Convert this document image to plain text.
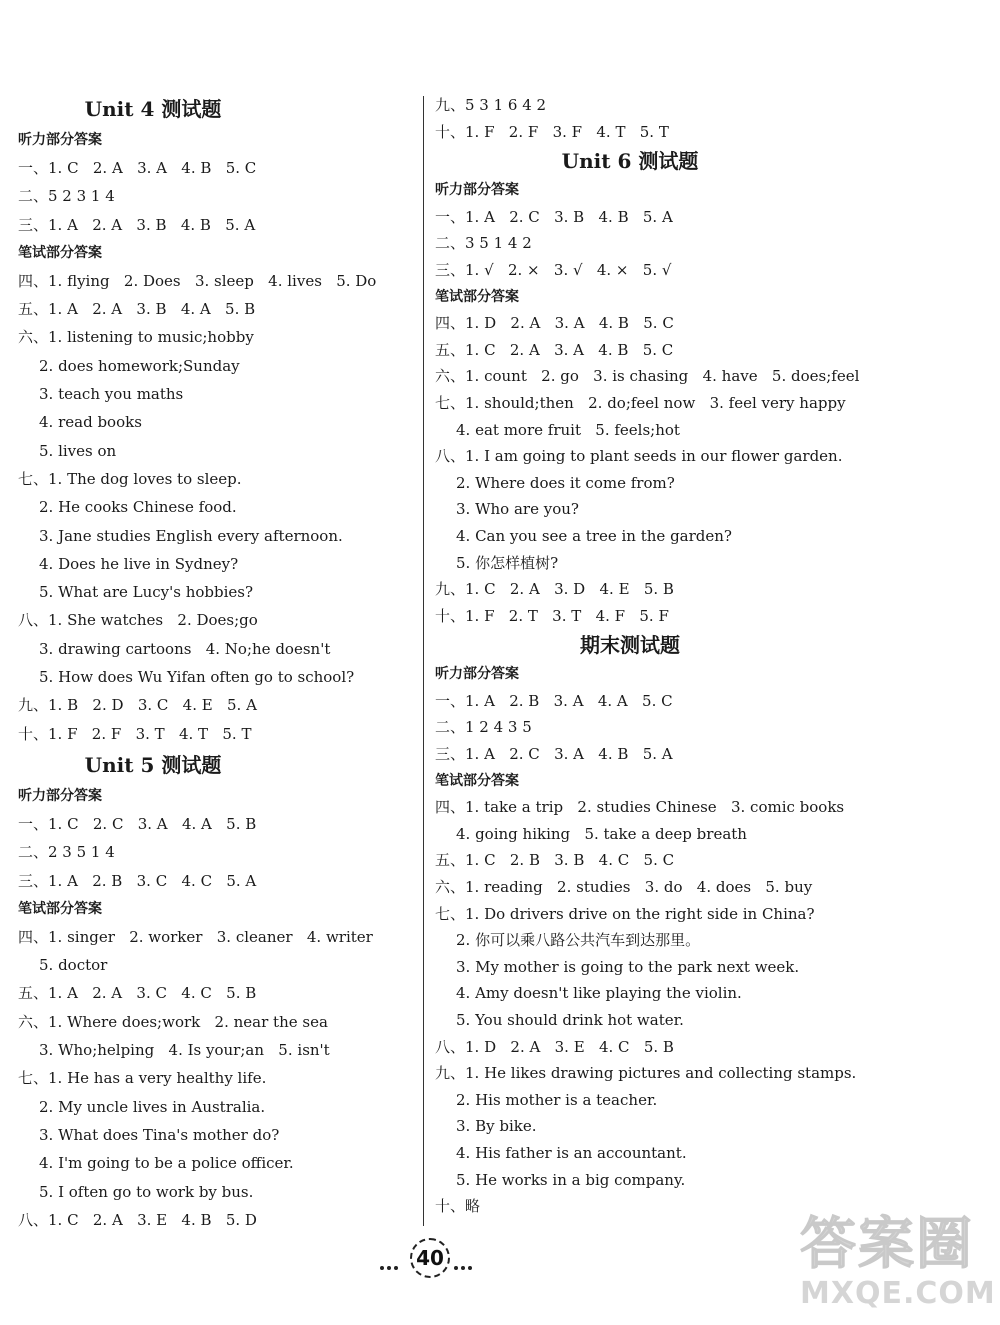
Unit 4 测试题
听力部分答案
一、1. C   2. A   3. A   4. B   5. C
二、5 2 3 1 4
三、1. A   2. A   3. B   4. B   5. A
笔试部分答案
四、1. flying   2. Does   3. sleep   4. lives   5. Do
五、1. A   2. A   3. B   4. A   5. B
六、1. listening to music;hobby
2. does homework;Sunday
3. teach you maths
4. read books
5. lives on
七、1. The dog loves to sleep.
2. He cooks Chinese food.
3. Jane studies English every afternoon.
4. Does he live in Sydney?
5. What are Lucy's hobbies?
八、1. She watches   2. Does;go
3. drawing cartoons   4. No;he doesn't
5. How does Wu Yifan often go to school?
九、1. B   2. D   3. C   4. E   5. A
十、1. F   2. F   3. T   4. T   5. T
Unit 5 测试题
听力部分答案
一、1. C   2. C   3. A   4. A   5. B
二、2 3 5 1 4
三、1. A   2. B   3. C   4. C   5. A
笔试部分答案
四、1. singer   2. worker   3. cleaner   4. writer
5. doctor
五、1. A   2. A   3. C   4. C   5. B
六、1. Where does;work   2. near the sea
3. Who;helping   4. Is your;an   5. isn't
七、1. He has a very healthy life.
2. My uncle lives in Australia.
3. What does Tina's mother do?
4. I'm going to be a police officer.
5. I often go to work by bus.
八、1. C   2. A   3. E   4. B   5. D
九、5 3 1 6 4 2
十、1. F   2. F   3. F   4. T   5. T
Unit 6 测试题
听力部分答案
一、1. A   2. C   3. B   4. B   5. A
二、3 5 1 4 2
三、1. √   2. ×   3. √   4. ×   5. √
笔试部分答案
四、1. D   2. A   3. A   4. B   5. C
五、1. C   2. A   3. A   4. B   5. C
六、1. count   2. go   3. is chasing   4. have   5. does;feel
七、1. should;then   2. do;feel now   3. feel very happy
4. eat more fruit   5. feels;hot
八、1. I am going to plant seeds in our flower garden.
2. Where does it come from?
3. Who are you?
4. Can you see a tree in the garden?
5. 你怎样植树?
九、1. C   2. A   3. D   4. E   5. B
十、1. F   2. T   3. T   4. F   5. F
期末测试题
听力部分答案
一、1. A   2. B   3. A   4. A   5. C
二、1 2 4 3 5
三、1. A   2. C   3. A   4. B   5. A
笔试部分答案
四、1. take a trip   2. studies Chinese   3. comic books
4. going hiking   5. take a deep breath
五、1. C   2. B   3. B   4. C   5. C
六、1. reading   2. studies   3. do   4. does   5. buy
七、1. Do drivers drive on the right side in China?
2. 你可以乘八路公共汽车到达那里。
3. My mother is going to the park next week.
4. Amy doesn't like playing the violin.
5. You should drink hot water.
八、1. D   2. A   3. E   4. C   5. B
九、1. He likes drawing pictures and collecting stamps.
2. His mother is a teacher.
3. By bike.
4. His father is an accountant.
5. He works in a big company.
十、略
40	答案圈
MXQE.COM
